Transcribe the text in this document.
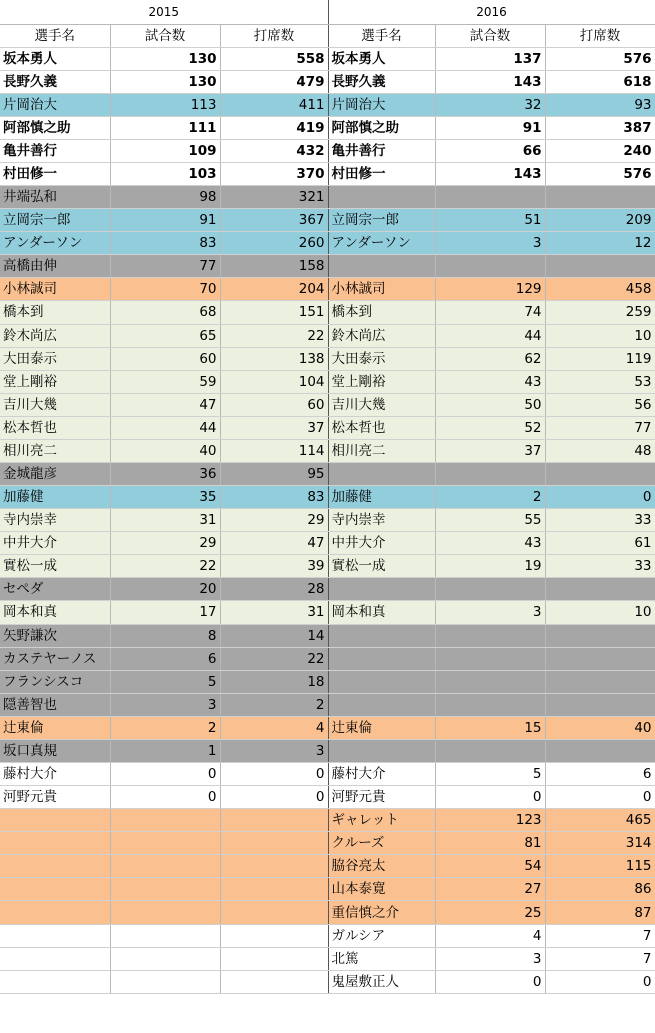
2015			2016		
選手名	試合数	打席数	選手名	試合数	打席数
坂本勇人	130	558	坂本勇人	137	576
長野久義	130	479	長野久義	143	618
片岡治大	113	411	片岡治大	32	93
阿部慎之助	111	419	阿部慎之助	91	387
亀井善行	109	432	亀井善行	66	240
村田修一	103	370	村田修一	143	576
井端弘和	98	321			
立岡宗一郎	91	367	立岡宗一郎	51	209
アンダーソン	83	260	アンダーソン	3	12
高橋由伸	77	158			
小林誠司	70	204	小林誠司	129	458
橋本到	68	151	橋本到	74	259
鈴木尚広	65	22	鈴木尚広	44	10
大田泰示	60	138	大田泰示	62	119
堂上剛裕	59	104	堂上剛裕	43	53
吉川大幾	47	60	吉川大幾	50	56
松本哲也	44	37	松本哲也	52	77
相川亮二	40	114	相川亮二	37	48
金城龍彦	36	95			
加藤健	35	83	加藤健	2	0
寺内崇幸	31	29	寺内崇幸	55	33
中井大介	29	47	中井大介	43	61
實松一成	22	39	實松一成	19	33
セペダ	20	28			
岡本和真	17	31	岡本和真	3	10
矢野謙次	8	14			
カステヤーノス	6	22			
フランシスコ	5	18			
隠善智也	3	2			
辻東倫	2	4	辻東倫	15	40
坂口真規	1	3			
藤村大介	0	0	藤村大介	5	6
河野元貴	0	0	河野元貴	0	0
			ギャレット	123	465
			クルーズ	81	314
			脇谷亮太	54	115
			山本泰寛	27	86
			重信慎之介	25	87
			ガルシア	4	7
			北篤	3	7
			鬼屋敷正人	0	0
